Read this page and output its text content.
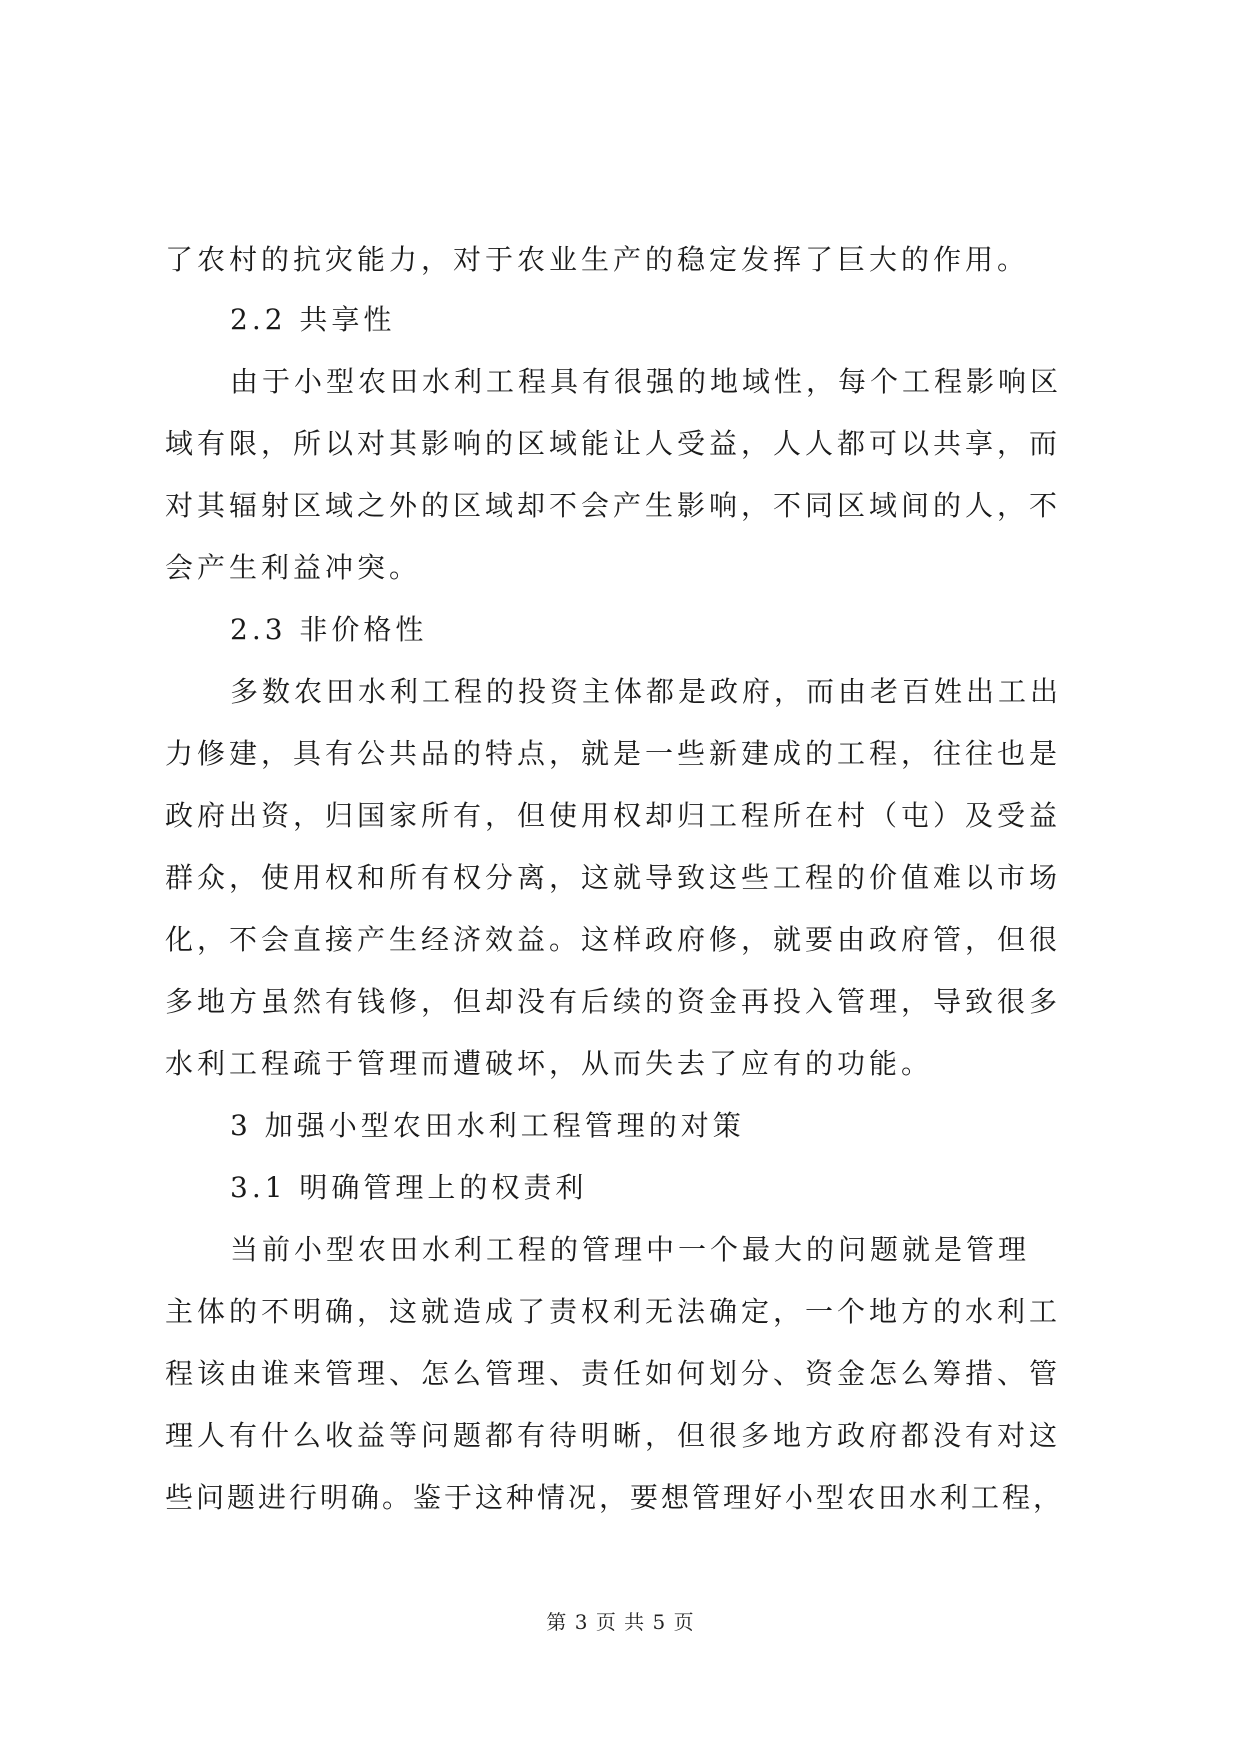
了农村的抗灾能力，对于农业生产的稳定发挥了巨大的作用。
2.2 共享性
由于小型农田水利工程具有很强的地域性，每个工程影响区
域有限，所以对其影响的区域能让人受益，人人都可以共享，而
对其辐射区域之外的区域却不会产生影响，不同区域间的人，不
会产生利益冲突。
2.3 非价格性
多数农田水利工程的投资主体都是政府，而由老百姓出工出
力修建，具有公共品的特点，就是一些新建成的工程，往往也是
政府出资，归国家所有，但使用权却归工程所在村（屯）及受益
群众，使用权和所有权分离，这就导致这些工程的价值难以市场
化，不会直接产生经济效益。这样政府修，就要由政府管，但很
多地方虽然有钱修，但却没有后续的资金再投入管理，导致很多
水利工程疏于管理而遭破坏，从而失去了应有的功能。
3 加强小型农田水利工程管理的对策
3.1 明确管理上的权责利
当前小型农田水利工程的管理中一个最大的问题就是管理
主体的不明确，这就造成了责权利无法确定，一个地方的水利工
程该由谁来管理、怎么管理、责任如何划分、资金怎么筹措、管
理人有什么收益等问题都有待明晰，但很多地方政府都没有对这
些问题进行明确。鉴于这种情况，要想管理好小型农田水利工程，
第 3 页 共 5 页
